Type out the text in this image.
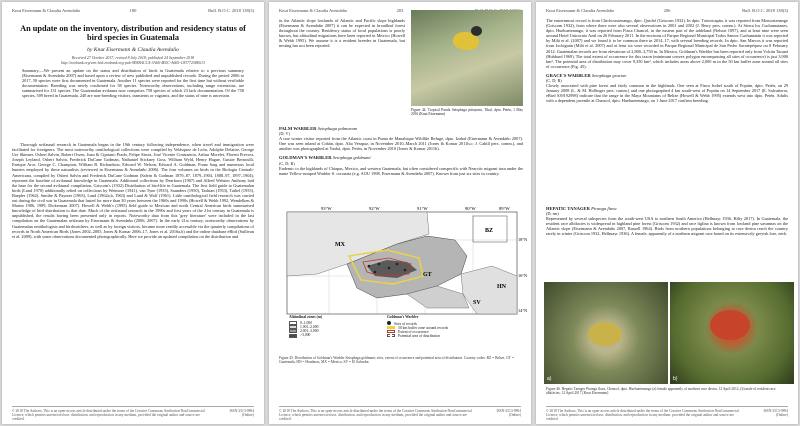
Knut Eisermann & Claudia Avendaño	180	Bull. B.O.C. 2018 138(3)
An update on the inventory, distribution and residency status of bird species in Guatemala
by Knut Eisermann & Claudia Avendaño
Received 27 October 2017; revised 8 July 2018; published 24 September 2018
http://zoobank.org/urn:lsid:zoobank.org:pub:9E8BACC4-3A66-4E0C-A665-C8377258E613
Summary.—We present an update on the status and distribution of birds in Guatemala relative to a previous summary (Eisermann & Avendaño 2007) and based upon a review of new published and unpublished records. During the period 2006 to 2017, 50 species were first documented in Guatemala. Another 11 species were reported for the first time but without verifiable documentation. Breeding was newly confirmed for 58 species. Noteworthy observations, including range extensions, are summarised for 131 species. The Guatemalan avifauna now comprises 758 species of which 23 lack documentation. Of the 758 species, 509 breed in Guatemala, 240 are non-breeding visitors, transients or vagrants, and the status of nine is uncertain.

Thorough avifaunal research in Guatemala began in the 19th century following independence, when travel and immigration were facilitated for foreigners. The most noteworthy ornithological collections were compiled by Velásquez de León, Adolphe Delattre, George Ure Skinner, Osbert Salvin, Robert Owen, Juan & Cipriano Prado, Felipe Sierra, José Vicente Constancia, Arthur Morelet, Florent Prevost, Joseph Leyland, Osbert Salvin, Frederick DuCane Godman, Nathaniel Stickney Goss, William Wyld, Henry Hague, Gustav Bernoulli, Enrique Arce, George C. Champion, William B. Richardson, Edward W. Nelson, Edward A. Goldman, Franz Sarg and numerous local hunters employed by these naturalists (reviewed in Eisermann & Avendaño 2006). The four volumes on birds in the Biologia Centrali-Americana, compiled by Osbert Salvin and Frederick DuCane Godman (Salvin & Godman 1879–87, 1879–1904, 1888–97, 1897–1904), represent the baseline of avifaunal knowledge in Guatemala. Additional collections by Dearborn (1907) and Alfred Webster Anthony laid the base for the second avifaunal compilation, Griscom's (1932) Distribution of bird-life in Guatemala. The first field guide to Guatemalan birds (Land 1970) additionally relied on collections by Wetmore (1941), van Tyne (1935), Saunders (1950), Tashian (1953), Taibel (1955), Baepler (1962), Smithe & Paynter (1963), Land (1962a,b, 1963) and Land & Wolf (1961). Little ornithological field research was carried out during the civil war in Guatemala that lasted for more than 30 years between the 1960s and 1990s (Howell & Webb 1992, Wendelken & Martin 1986, 1989, Dickerman 2007). Howell & Webb's (1995) field guide to Mexican and north Central American birds summarised knowledge of bird distribution to that date. Much of the avifaunal research in the 1990s and first years of the 21st century in Guatemala is unpublished, the results having been presented only in reports. Noteworthy data from this 'grey literature' were included in the last compilation on the Guatemalan avifauna by Eisermann & Avendaño (2006, 2007). In the early 21st century, noteworthy observations by Guatemalan ornithologists and birdwatchers, as well as by foreign visitors, became more readily accessible via the quarterly compilations of records in North American Birds (Jones 2002–2005, Jones & Komar 2006–17, Jones et al. 2016a,b) and the online database eBird (Sullivan et al. 2009), with some observations documented photographically. Here we provide an updated compilation on the distribution and

© 2018 The Authors; This is an open-access article distributed under the terms of the Creative Commons Attribution-NonCommercial Licence, which permits unrestricted use, distribution, and reproduction in any medium, provided the original author and source are credited.
ISSN-2513-9894 (Online)
Knut Eisermann & Claudia Avendaño	203
in the Atlantic slope lowlands of Atlantic and Pacific slope highlands (Eisermann & Avendaño 2007) it can be expected in broadleaf forest throughout the country. Residency status of local populations is poorly known, but altitudinal migrations have been reported in Mexico (Howell & Webb 1995). We assume it is a resident breeder in Guatemala, but nesting has not been reported.
Figure 44. Tropical Parula Setophaga pitiayumi, Tikal, dpto. Petén, 1 May 2016 (Knut Eisermann)
PALM WARBLER Setophaga palmarum
(D; V)
A rare winter visitor reported from the Atlantic coast in Punta de Manabique Wildlife Refuge, dpto. Izabal (Eisermann & Avendaño 2007). One was seen inland at Cobán, dpto. Alta Verapaz, in November 2010–March 2011 (Jones & Komar 2011b,c; J. Cahill pers. comm.), and another was photographed at Yaxhá, dpto. Petén, in November 2010 (Jones & Komar 2011b).
GOLDMAN'S WARBLER Setophaga goldmani
(C, D; R)
Endemic to the highlands of Chiapas, Mexico, and western Guatemala, but often considered conspecific with Nearctic migrant taxa under the name Yellow-rumped Warbler S. coronata (e.g. AOU 1998, Eisermann & Avendaño 2007). Known from just six sites in country.
93°W	92°W	91°W	90°W	89°W
18°N
16°N
14°N
MX
BZ
GT
HN
SV
Altitudinal zones (m)
0–1,000
1,001–2,000
2,001–3,000
>3,000
Goldman's Warbler
Sites of records
50 km buffer zone around records
Extent of occurrence
Potential area of distribution
Figure 45. Distribution of Goldman's Warbler Setophaga goldmani; sites, extent of occurrence and potential area of distribution. Country codes: BZ = Belize, GT = Guatemala, HN = Honduras, MX = Mexico, SV = El Salvador.
© 2018 The Authors; This is an open-access article distributed under the terms of the Creative Commons Attribution-NonCommercial Licence, which permits unrestricted use, distribution, and reproduction in any medium, provided the original author and source are credited.
ISSN-2513-9894 (Online)
Knut Eisermann & Claudia Avendaño	206	Bull. B.O.C. 2018 138(3)
The easternmost record is from Chichicastenango, dpto. Quiché (Griscom 1932). In dpto. Totonicapán, it was reported from Momostenango (Griscom 1932), from where there were also several observations in 2001 and 2002 (J. Berry pers. comm.). At Sierra los Cuchumatanes, dpto. Huehuetenango, it was reported from Finca Chancol, in the eastern part of the tableland (Nelson 1897), and at least nine were seen around Hotel Unicornio Azul on 26 February 2011. In the environs of Parque Regional Municipal Todos Santos Cuchumatán it was reported by Milá et al. (2007) and we found it to be common there in 2014–17, with several breeding records. In dpto. San Marcos it was reported from Ixchiguán (Milá et al. 2007) and at least six were recorded in Parque Regional Municipal de San Pedro Sacatepéquez on 8 February 2012. Guatemalan records are from elevations of 2,800–3,750 m. In Mexico, Goldman's Warbler has been reported only from Volcán Tacaná (Hubbard 1969). The total extent of occurrence for this taxon (minimum convex polygon encompassing all sites of occurrence) is just 3,900 km². The potential area of distribution may cover 9,350 km², which includes areas above 2,000 m in the 50 km buffer zone around all sites of occurrence (Fig. 45).
GRACE'S WARBLER Setophaga graciae
(C, D; R)
Closely associated with pine forest and fairly common in the highlands. One seen at Finca Isobel south of Poptún, dpto. Petén, on 29 January 2008 (L. & M. Hollinger pers. comm.) and one photographed 4 km south-west of Poptún on 14 September 2017 (E. Salvatierra, eBird S39192998) indicate that the range in the Maya Mountains of Belize (Howell & Webb 1995) extends west into dpto. Petén. Adults with a dependent juvenile at Chancol, dpto. Huehuetenango, on 1 June 2017 confirm breeding.
HEPATIC TANAGER Piranga flava
(D; rm)
Represented by several subspecies from the south-west USA to northern South America (Hellmayr 1936, Hilty 2017). In Guatemala, the resident race albifacies is widespread in highland pine forest (Griscom 1932) and race figlina is known from lowland pine savannas on the Atlantic slope (Eisermann & Avendaño 2007, Russell 1964). Birds from northern populations belonging to race dextra reach the country rarely in winter (Griscom 1932, Hellmayr 1936). A female, apparently of a northern migrant race based on its extensively greyish lore, neck
a)	b)
Figure 46. Hepatic Tanager Piranga flava, Chancol, dpto. Huehuetenango (a) female apparently of northern race dextra, 12 April 2012, (b) male of resident race albifacies, 12 April 2017 (Knut Eisermann)
© 2018 The Authors; This is an open-access article distributed under the terms of the Creative Commons Attribution-NonCommercial Licence, which permits unrestricted use, distribution, and reproduction in any medium, provided the original author and source are credited.
ISSN-2513-9894 (Online)
